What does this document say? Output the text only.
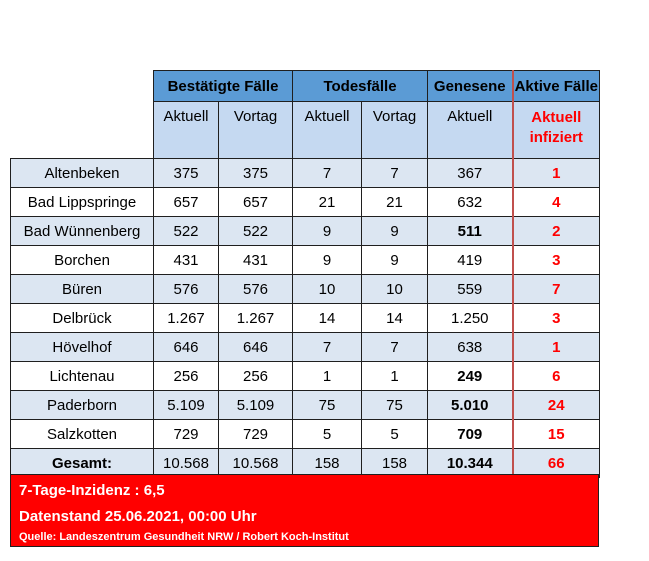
	Bestätigte Fälle		Todesfälle		Genesene	Aktive Fälle
	Aktuell	Vortag	Aktuell	Vortag	Aktuell	Aktuell infiziert
Altenbeken	375	375	7	7	367	1
Bad Lippspringe	657	657	21	21	632	4
Bad Wünnenberg	522	522	9	9	511	2
Borchen	431	431	9	9	419	3
Büren	576	576	10	10	559	7
Delbrück	1.267	1.267	14	14	1.250	3
Hövelhof	646	646	7	7	638	1
Lichtenau	256	256	1	1	249	6
Paderborn	5.109	5.109	75	75	5.010	24
Salzkotten	729	729	5	5	709	15
Gesamt:	10.568	10.568	158	158	10.344	66
7-Tage-Inzidenz : 6,5
Datenstand 25.06.2021, 00:00 Uhr
Quelle: Landeszentrum Gesundheit NRW / Robert Koch-Institut
